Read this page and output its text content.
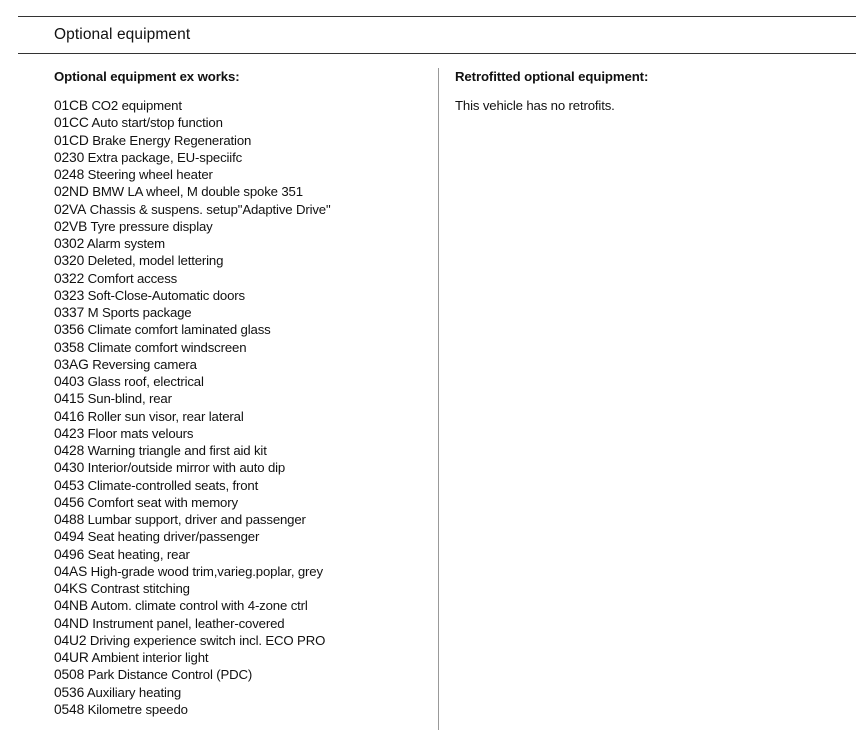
Optional equipment
Optional equipment ex works:
01CB CO2 equipment
01CC Auto start/stop function
01CD Brake Energy Regeneration
0230 Extra package, EU-speciifc
0248 Steering wheel heater
02ND BMW LA wheel, M double spoke 351
02VA Chassis & suspens. setup"Adaptive Drive"
02VB Tyre pressure display
0302 Alarm system
0320 Deleted, model lettering
0322 Comfort access
0323 Soft-Close-Automatic doors
0337 M Sports package
0356 Climate comfort laminated glass
0358 Climate comfort windscreen
03AG Reversing camera
0403 Glass roof, electrical
0415 Sun-blind, rear
0416 Roller sun visor, rear lateral
0423 Floor mats velours
0428 Warning triangle and first aid kit
0430 Interior/outside mirror with auto dip
0453 Climate-controlled seats, front
0456 Comfort seat with memory
0488 Lumbar support, driver and passenger
0494 Seat heating driver/passenger
0496 Seat heating, rear
04AS High-grade wood trim,varieg.poplar, grey
04KS Contrast stitching
04NB Autom. climate control with 4-zone ctrl
04ND Instrument panel, leather-covered
04U2 Driving experience switch incl. ECO PRO
04UR Ambient interior light
0508 Park Distance Control (PDC)
0536 Auxiliary heating
0548 Kilometre speedo
Retrofitted optional equipment:

This vehicle has no retrofits.
